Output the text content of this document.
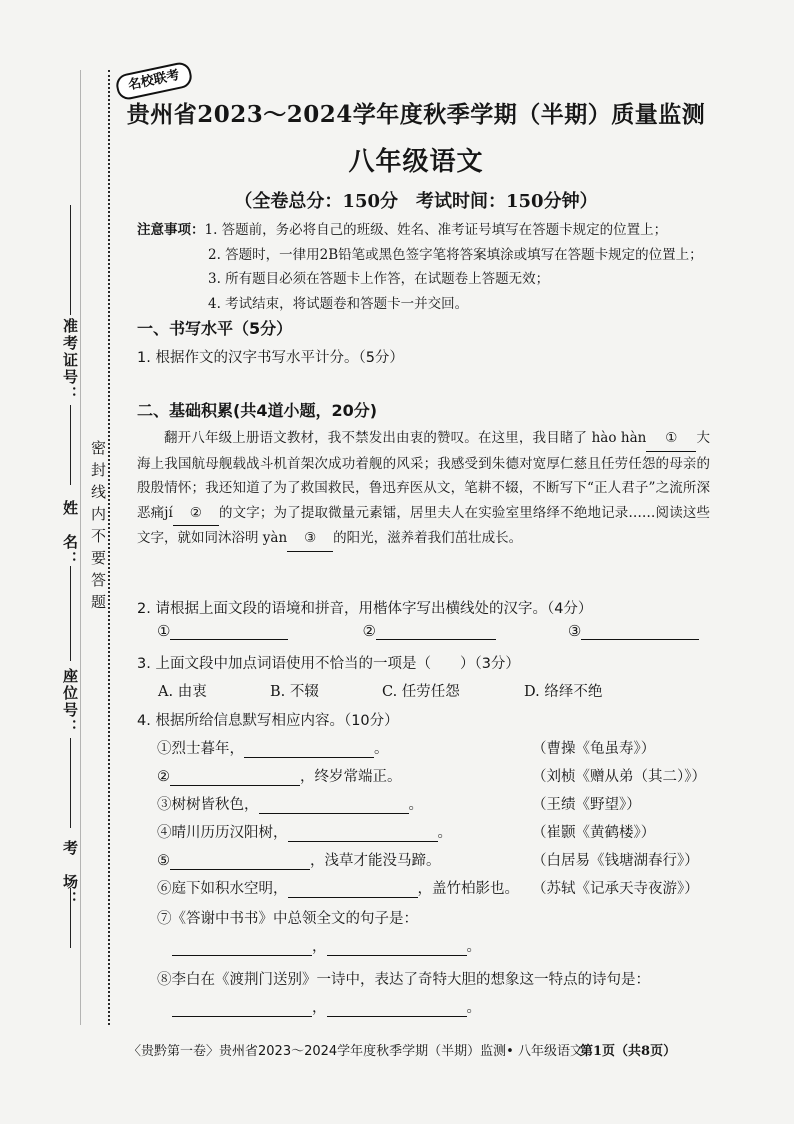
密封线内不要答题
准考证号：
姓　名：
座位号：
考　场：
名校联考
贵州省2023～2024学年度秋季学期（半期）质量监测
八年级语文
（全卷总分：150分　考试时间：150分钟）
注意事项：1. 答题前，务必将自己的班级、姓名、准考证号填写在答题卡规定的位置上；
2. 答题时，一律用2B铅笔或黑色签字笔将答案填涂或填写在答题卡规定的位置上；
3. 所有题目必须在答题卡上作答，在试题卷上答题无效；
4. 考试结束，将试题卷和答题卡一并交回。
一、书写水平（5分）
1. 根据作文的汉字书写水平计分。（5分）
二、基础积累(共4道小题，20分)

翻开八年级上册语文教材，我不禁发出由衷的赞叹。在这里，我目睹了 hào hàn ① 大海上我国航母舰载战斗机首架次成功着舰的风采；我感受到朱德对宽厚仁慈且任劳任怨的母亲的殷殷情怀；我还知道了为了救国救民，鲁迅弃医从文，笔耕不辍，不断写下“正人君子”之流所深恶痛jí ② 的文字；为了提取微量元素镭，居里夫人在实验室里络绎不绝地记录……阅读这些文字，就如同沐浴明 yàn ③ 的阳光，滋养着我们茁壮成长。

2. 请根据上面文段的语境和拼音，用楷体字写出横线处的汉字。（4分）
①	②	③
3. 上面文段中加点词语使用不恰当的一项是（　　）（3分）
A. 由衷	B. 不辍	C. 任劳任怨	D. 络绎不绝
4. 根据所给信息默写相应内容。（10分）
①烈士暮年，	。	（曹操《龟虽寿》）
②	，终岁常端正。	（刘桢《赠从弟（其二）》）
③树树皆秋色，	。	（王绩《野望》）
④晴川历历汉阳树，	。	（崔颢《黄鹤楼》）
⑤	，浅草才能没马蹄。	（白居易《钱塘湖春行》）
⑥庭下如积水空明，	，盖竹柏影也。 （苏轼《记承天寺夜游》）
⑦《答谢中书书》中总领全文的句子是：
，	。
⑧李白在《渡荆门送别》一诗中，表达了奇特大胆的想象这一特点的诗句是：
，	。
〈贵黔第一卷〉贵州省2023～2024学年度秋季学期（半期）监测• 八年级语文
第1页（共8页）
